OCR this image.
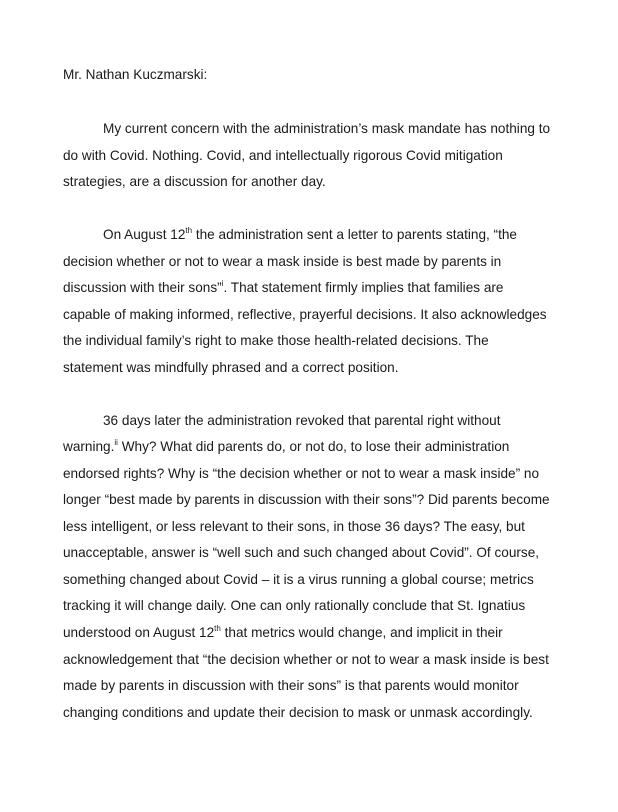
Mr. Nathan Kuczmarski:
My current concern with the administration’s mask mandate has nothing to
do with Covid. Nothing. Covid, and intellectually rigorous Covid mitigation
strategies, are a discussion for another day.
On August 12th the administration sent a letter to parents stating, “the
decision whether or not to wear a mask inside is best made by parents in
discussion with their sons”$^i$. That statement firmly implies that families are
capable of making informed, reflective, prayerful decisions. It also acknowledges
the individual family’s right to make those health-related decisions. The
statement was mindfully phrased and a correct position.
36 days later the administration revoked that parental right without
warning.$^{ii}$ Why? What did parents do, or not do, to lose their administration
endorsed rights? Why is “the decision whether or not to wear a mask inside” no
longer “best made by parents in discussion with their sons”? Did parents become
less intelligent, or less relevant to their sons, in those 36 days? The easy, but
unacceptable, answer is “well such and such changed about Covid”. Of course,
something changed about Covid – it is a virus running a global course; metrics
tracking it will change daily. One can only rationally conclude that St. Ignatius
understood on August 12th that metrics would change, and implicit in their
acknowledgement that “the decision whether or not to wear a mask inside is best
made by parents in discussion with their sons” is that parents would monitor
changing conditions and update their decision to mask or unmask accordingly.
